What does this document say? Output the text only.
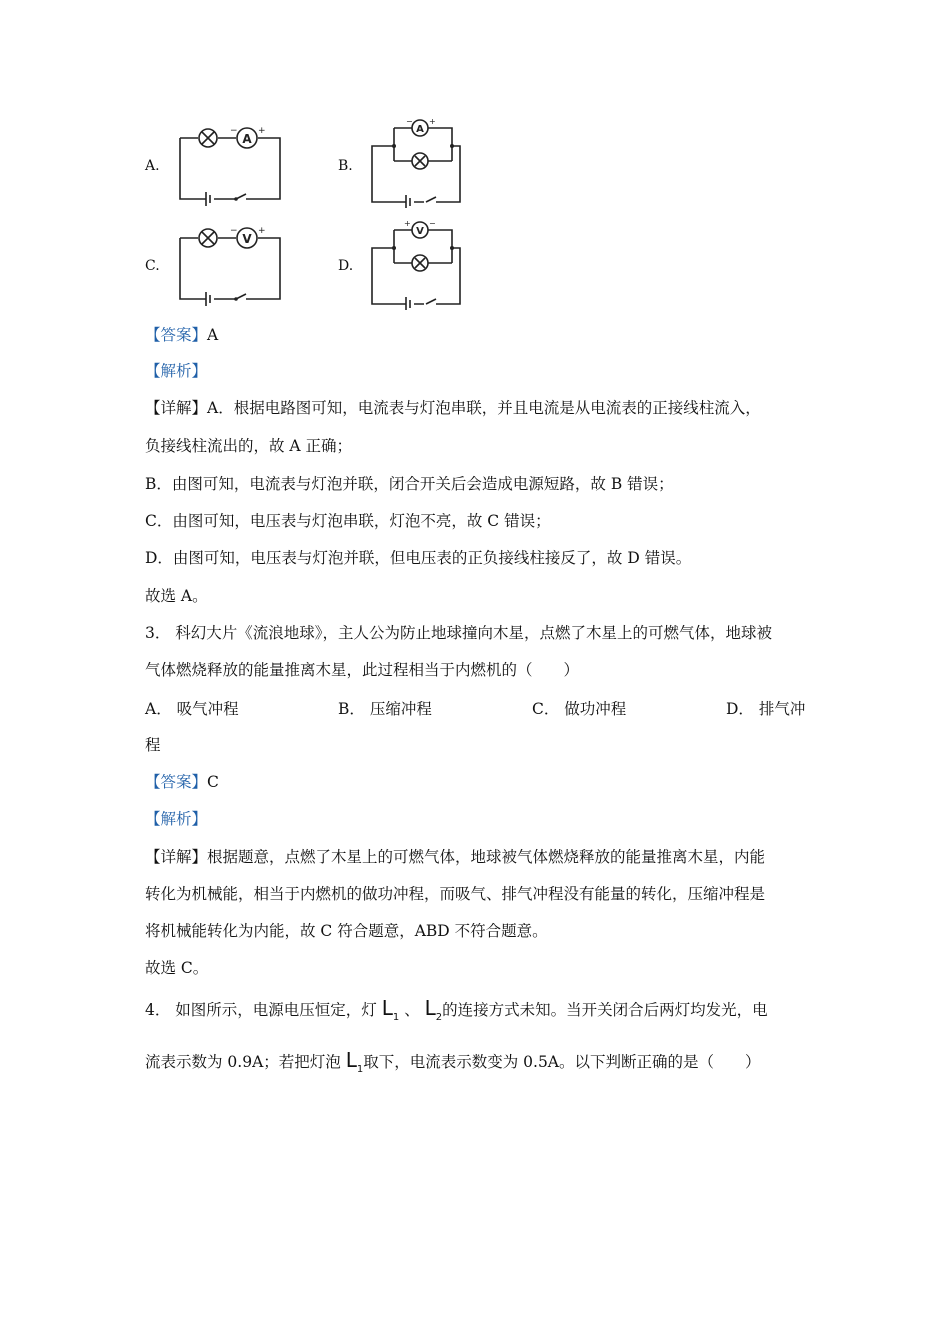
A.	B.
C.	D.
A
− +	A
− +
V
− +	V
+ −
【答案】A
【解析】
【详解】A．根据电路图可知，电流表与灯泡串联，并且电流是从电流表的正接线柱流入，
负接线柱流出的，故 A 正确；
B．由图可知，电流表与灯泡并联，闭合开关后会造成电源短路，故 B 错误；
C．由图可知，电压表与灯泡串联，灯泡不亮，故 C 错误；
D．由图可知，电压表与灯泡并联，但电压表的正负接线柱接反了，故 D 错误。
故选 A。
3． 科幻大片《流浪地球》，主人公为防止地球撞向木星，点燃了木星上的可燃气体，地球被
气体燃烧释放的能量推离木星，此过程相当于内燃机的（　　）
A． 吸气冲程	B． 压缩冲程	C． 做功冲程	D． 排气冲
程
【答案】C
【解析】
【详解】根据题意，点燃了木星上的可燃气体，地球被气体燃烧释放的能量推离木星，内能
转化为机械能，相当于内燃机的做功冲程，而吸气、排气冲程没有能量的转化，压缩冲程是
将机械能转化为内能，故 C 符合题意，ABD 不符合题意。
故选 C。
4． 如图所示，电源电压恒定，灯 $L_1$ 、 $L_2$的连接方式未知。当开关闭合后两灯均发光，电
流表示数为 0.9A；若把灯泡 $L_1$取下，电流表示数变为 0.5A。以下判断正确的是（　　）
